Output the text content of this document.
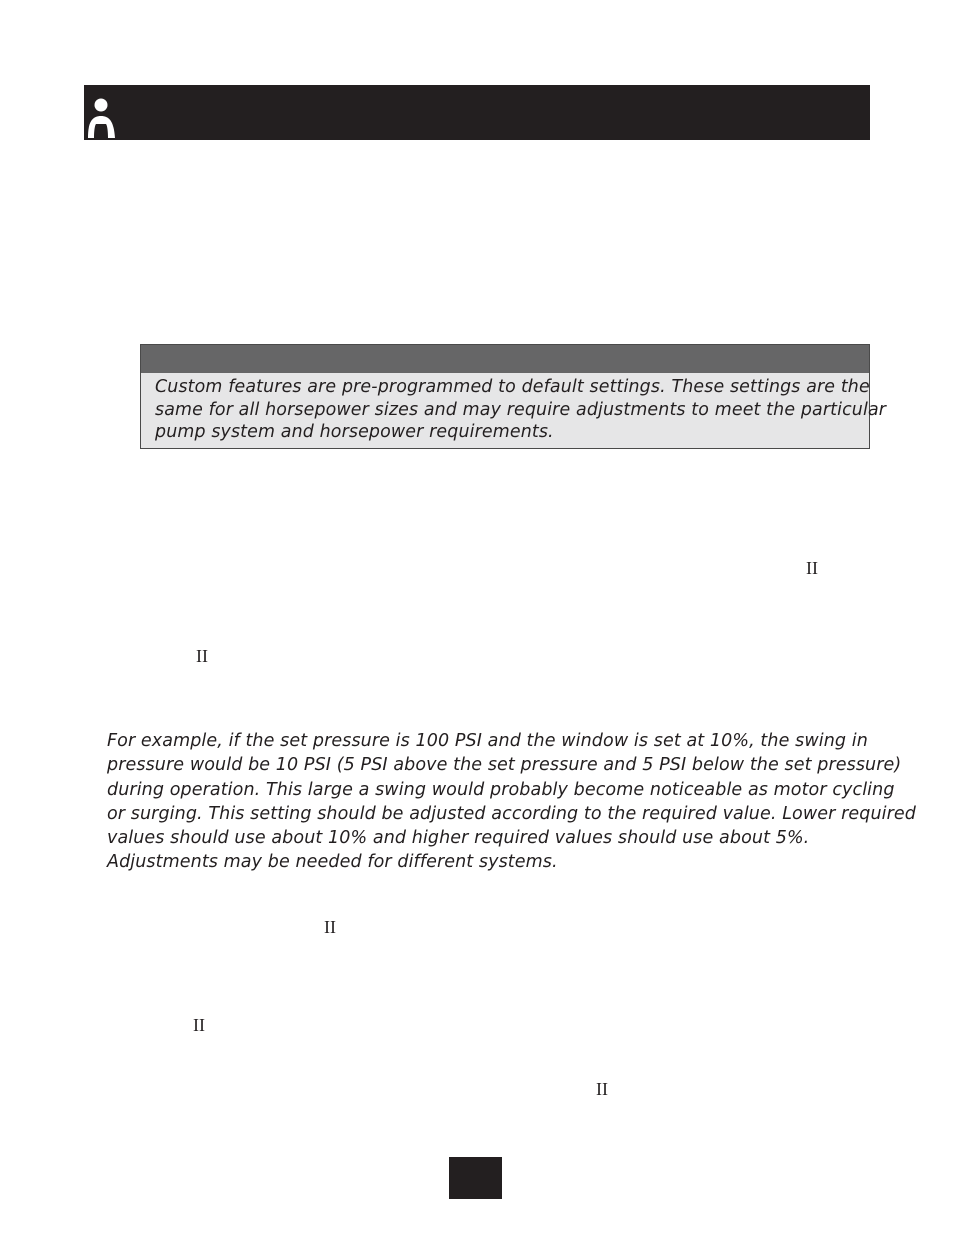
Custom features are pre-programmed to default settings. These settings are the
same for all horsepower sizes and may require adjustments to meet the particular
pump system and horsepower requirements.

II
II

For example, if the set pressure is 100 PSI and the window is set at 10%, the swing in
pressure would be 10 PSI (5 PSI above the set pressure and 5 PSI below the set pressure)
during operation. This large a swing would probably become noticeable as motor cycling
or surging. This setting should be adjusted according to the required value. Lower required
values should use about 10% and higher required values should use about 5%.
Adjustments may be needed for different systems.

II
II
II
